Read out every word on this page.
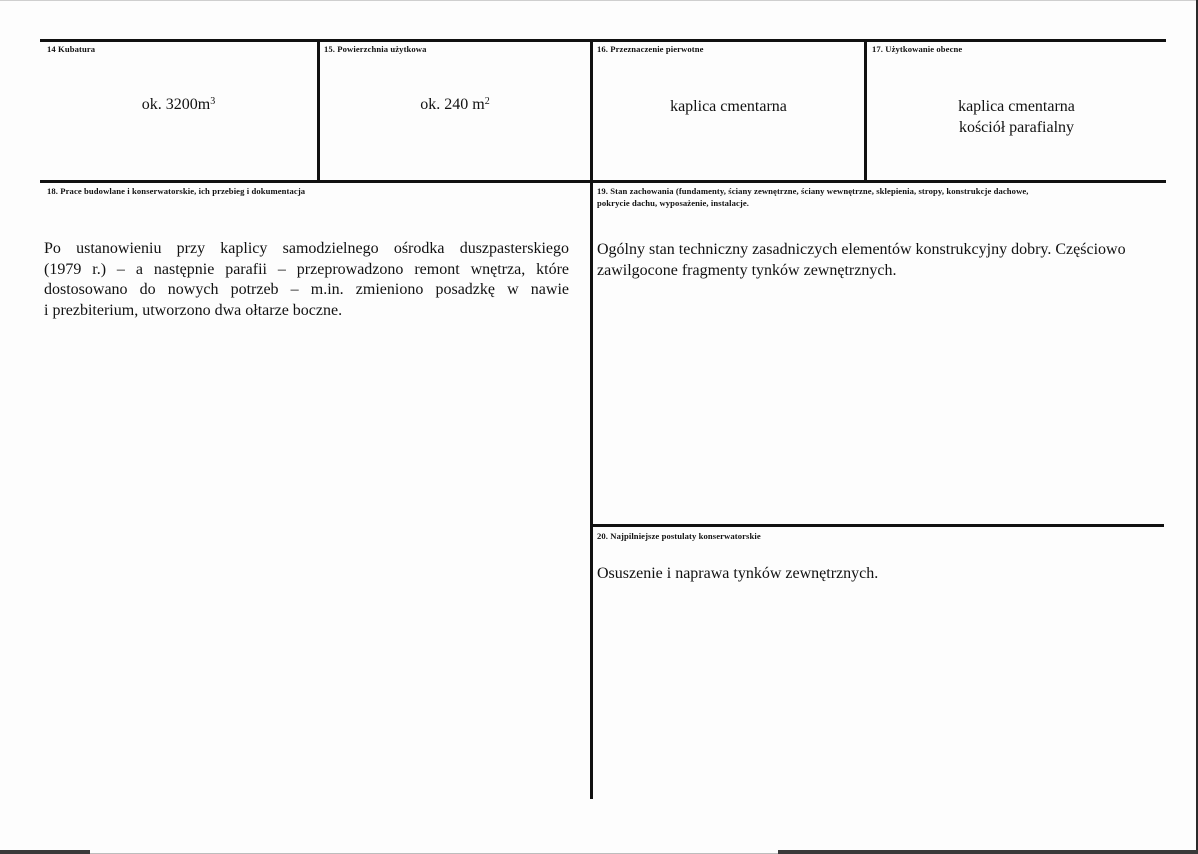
14 Kubatura
ok. $3200m^3$
15. Powierzchnia użytkowa
ok. 240 $m^2$
16. Przeznaczenie pierwotne
kaplica cmentarna
17. Użytkowanie obecne
kaplica cmentarna
kościół parafialny
18. Prace budowlane i konserwatorskie, ich przebieg i dokumentacja
Po ustanowieniu przy kaplicy samodzielnego ośrodka duszpasterskiego
(1979 r.) – a następnie parafii – przeprowadzono remont wnętrza, które
dostosowano do nowych potrzeb – m.in. zmieniono posadzkę w nawie
i prezbiterium, utworzono dwa ołtarze boczne.
19. Stan zachowania (fundamenty, ściany zewnętrzne, ściany wewnętrzne, sklepienia, stropy, konstrukcje dachowe,
pokrycie dachu, wyposażenie, instalacje.
Ogólny stan techniczny zasadniczych elementów konstrukcyjny dobry. Częściowo
zawilgocone fragmenty tynków zewnętrznych.
20. Najpilniejsze postulaty konserwatorskie
Osuszenie i naprawa tynków zewnętrznych.
